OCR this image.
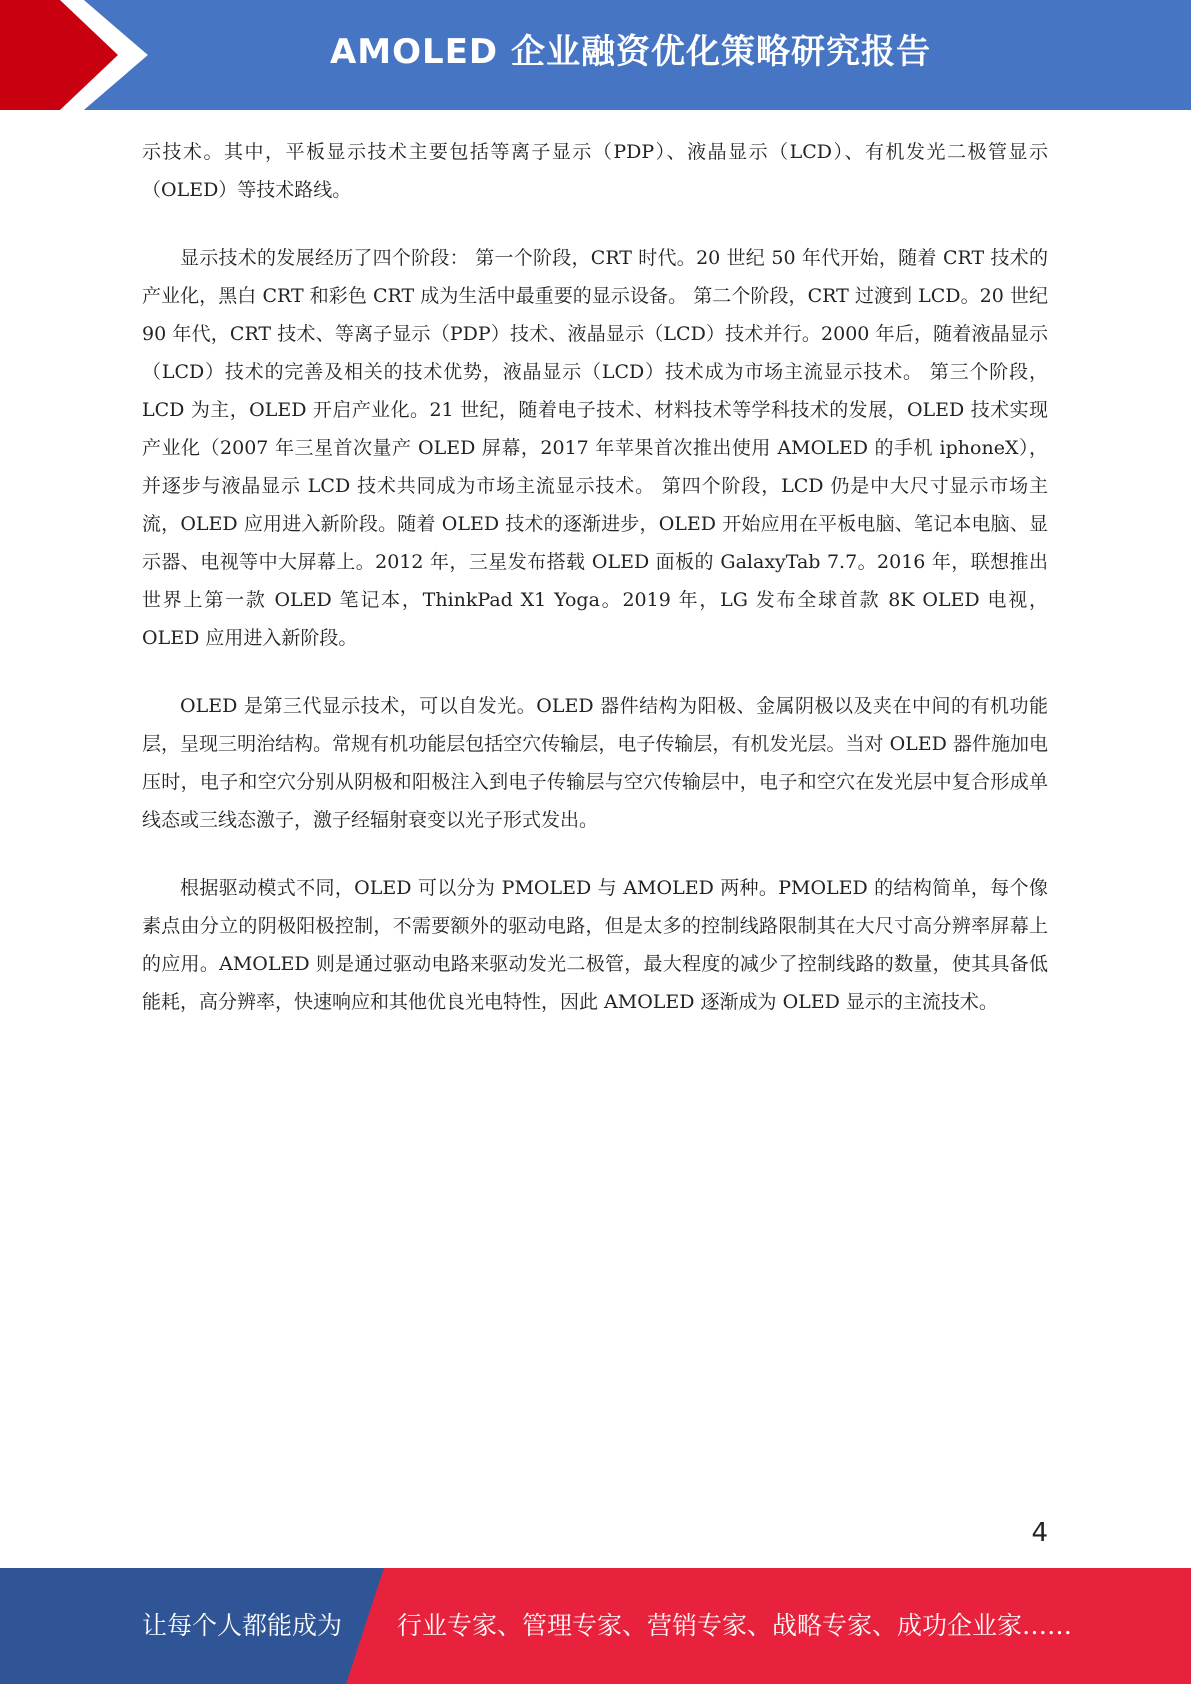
AMOLED 企业融资优化策略研究报告

示技术。其中，平板显示技术主要包括等离子显示（PDP）、液晶显示（LCD）、有机发光二极管显示（OLED）等技术路线。

显示技术的发展经历了四个阶段： 第一个阶段，CRT 时代。20 世纪 50 年代开始，随着 CRT 技术的产业化，黑白 CRT 和彩色 CRT 成为生活中最重要的显示设备。 第二个阶段，CRT 过渡到 LCD。20 世纪 90 年代，CRT 技术、等离子显示（PDP）技术、液晶显示（LCD）技术并行。2000 年后，随着液晶显示（LCD）技术的完善及相关的技术优势，液晶显示（LCD）技术成为市场主流显示技术。 第三个阶段，LCD 为主，OLED 开启产业化。21 世纪，随着电子技术、材料技术等学科技术的发展，OLED 技术实现产业化（2007 年三星首次量产 OLED 屏幕，2017 年苹果首次推出使用 AMOLED 的手机 iphoneX），并逐步与液晶显示 LCD 技术共同成为市场主流显示技术。 第四个阶段，LCD 仍是中大尺寸显示市场主流，OLED 应用进入新阶段。随着 OLED 技术的逐渐进步，OLED 开始应用在平板电脑、笔记本电脑、显示器、电视等中大屏幕上。2012 年，三星发布搭载 OLED 面板的 GalaxyTab 7.7。2016 年，联想推出世界上第一款 OLED 笔记本，ThinkPad X1 Yoga。2019 年，LG 发布全球首款 8K OLED 电视，OLED 应用进入新阶段。

OLED 是第三代显示技术，可以自发光。OLED 器件结构为阳极、金属阴极以及夹在中间的有机功能层，呈现三明治结构。常规有机功能层包括空穴传输层，电子传输层，有机发光层。当对 OLED 器件施加电压时，电子和空穴分别从阴极和阳极注入到电子传输层与空穴传输层中，电子和空穴在发光层中复合形成单线态或三线态激子，激子经辐射衰变以光子形式发出。

根据驱动模式不同，OLED 可以分为 PMOLED 与 AMOLED 两种。PMOLED 的结构简单，每个像素点由分立的阴极阳极控制，不需要额外的驱动电路，但是太多的控制线路限制其在大尺寸高分辨率屏幕上的应用。AMOLED 则是通过驱动电路来驱动发光二极管，最大程度的减少了控制线路的数量，使其具备低能耗，高分辨率，快速响应和其他优良光电特性，因此 AMOLED 逐渐成为 OLED 显示的主流技术。

4
让每个人都能成为 行业专家、管理专家、营销专家、战略专家、成功企业家……
